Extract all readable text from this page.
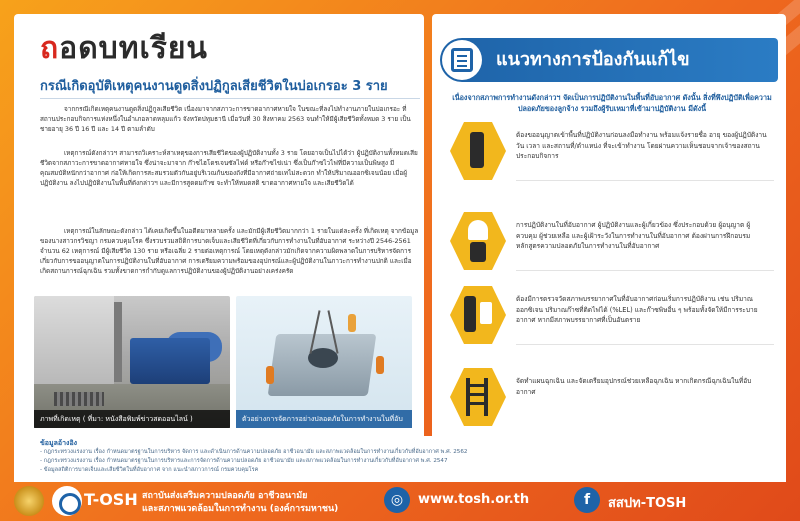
ถอดบทเรียน
กรณีเกิดอุบัติเหตุคนงานดูดสิ่งปฏิกูลเสียชีวิตในบ่อเกรอะ 3 ราย

จากกรณีเกิดเหตุคนงานดูดสิ่งปฏิกูลเสียชีวิต เนื่องมาจากสภาวะการขาดอากาศหายใจ ในขณะที่ลงไปทำงานภายในบ่อเกรอะ ที่สถานประกอบกิจการแห่งหนึ่งในอำเภอลาดหลุมแก้ว จังหวัดปทุมธานี เมื่อวันที่ 30 สิงหาคม 2563 จนทำให้มีผู้เสียชีวิตทั้งหมด 3 ราย เป็นชายอายุ 36 ปี 16 ปี และ 14 ปี ตามลำดับ

เหตุการณ์ดังกล่าวฯ สามารถวิเคราะห์สาเหตุของการเสียชีวิตของผู้ปฏิบัติงานทั้ง 3 ราย โดยอาจเป็นไปได้ว่า ผู้ปฏิบัติงานทั้งหมดเสียชีวิตจากสภาวะการขาดอากาศหายใจ ซึ่งน่าจะมาจาก ก๊าซไฮโดรเจนซัลไฟด์ หรือก๊าซไข่เน่า ซึ่งเป็นก๊าซไวไฟที่มีความเป็นพิษสูง มีคุณสมบัติหนักกว่าอากาศ ก่อให้เกิดการสะสมรวมตัวกันอยู่บริเวณก้นของถังที่มีอากาศถ่ายเทไม่สะดวก ทำให้ปริมาณออกซิเจนน้อย เมื่อผู้ปฏิบัติงาน ลงไปปฏิบัติงานในพื้นที่ดังกล่าวฯ และมีการสูดดมก๊าซ จะทำให้หมดสติ ขาดอากาศหายใจ และเสียชีวิตได้

เหตุการณ์ในลักษณะดังกล่าว ได้เคยเกิดขึ้นในอดีตมาหลายครั้ง และมักมีผู้เสียชีวิตมากกว่า 1 รายในแต่ละครั้ง ที่เกิดเหตุ จากข้อมูลของนางสาวกรวิชญา กรมควบคุมโรค ซึ่งรวบรวมสถิติการบาดเจ็บและเสียชีวิตที่เกี่ยวกับการทำงานในที่อับอากาศ ระหว่างปี 2546-2561 จำนวน 62 เหตุการณ์ มีผู้เสียชีวิต 130 ราย หรือเฉลี่ย 2 รายต่อเหตุการณ์ โดยเหตุดังกล่าวมักเกิดจากความผิดพลาดในการบริหารจัดการเกี่ยวกับการขออนุญาตในการปฏิบัติงานในที่อับอากาศ การเตรียมความพร้อมของอุปกรณ์และผู้ปฏิบัติงานในภาวะการทำงานปกติ และเมื่อเกิดสถานการณ์ฉุกเฉิน รวมทั้งขาดการกำกับดูแลการปฏิบัติงานของผู้ปฏิบัติงานอย่างเคร่งครัด

ภาพที่เกิดเหตุ ( ที่มา: หนังสือพิมพ์ข่าวสดออนไลน์ )	ตัวอย่างการจัดการอย่างปลอดภัยในการทำงานในที่อับ
แนวทางการป้องกันแก้ไข
เนื่องจากสภาพการทำงานดังกล่าวฯ จัดเป็นการปฏิบัติงานในพื้นที่อับอากาศ ดังนั้น สิ่งที่พึงปฏิบัติเพื่อความปลอดภัยของลูกจ้าง รวมถึงผู้รับเหมาที่เข้ามาปฏิบัติงาน มีดังนี้
ต้องขออนุญาตเข้าพื้นที่ปฏิบัติงานก่อนลงมือทำงาน พร้อมแจ้งรายชื่อ อายุ ของผู้ปฏิบัติงาน วัน เวลา และสถานที่/ตำแหน่ง ที่จะเข้าทำงาน โดยผ่านความเห็นชอบจากเจ้าของสถานประกอบกิจการ
การปฏิบัติงานในที่อับอากาศ ผู้ปฏิบัติงานและผู้เกี่ยวข้อง ซึ่งประกอบด้วย ผู้อนุญาต ผู้ควบคุม ผู้ช่วยเหลือ และผู้เฝ้าระวังในการทำงานในที่อับอากาศ ต้องผ่านการฝึกอบรมหลักสูตรความปลอดภัยในการทำงานในที่อับอากาศ
ต้องมีการตรวจวัดสภาพบรรยากาศในที่อับอากาศก่อนเริ่มการปฏิบัติงาน เช่น ปริมาณออกซิเจน ปริมาณก๊าซที่ติดไฟได้ (%LEL) และก๊าซพิษอื่น ๆ พร้อมทั้งจัดให้มีการระบายอากาศ หากมีสภาพบรรยากาศที่เป็นอันตราย
จัดทำแผนฉุกเฉิน และจัดเตรียมอุปกรณ์ช่วยเหลือฉุกเฉิน หากเกิดกรณีฉุกเฉินในที่อับอากาศ
ข้อมูลอ้างอิง
- กฎกระทรวงแรงงาน เรื่อง กำหนดมาตรฐานในการบริหาร จัดการ และดำเนินการด้านความปลอดภัย อาชีวอนามัย และสภาพแวดล้อมในการทำงานเกี่ยวกับที่อับอากาศ พ.ศ. 2562
- กฎกระทรวงแรงงาน เรื่อง กำหนดมาตรฐานในการบริหารและการจัดการด้านความปลอดภัย อาชีวอนามัย และสภาพแวดล้อมในการทำงานเกี่ยวกับที่อับอากาศ พ.ศ. 2547
- ข้อมูลสถิติการบาดเจ็บและเสียชีวิตในที่อับอากาศ จาก แนะนำสภาวการณ์ กรมควบคุมโรค
T-OSH สถาบันส่งเสริมความปลอดภัย อาชีวอนามัย
และสภาพแวดล้อมในการทำงาน (องค์การมหาชน)
◎	www.tosh.or.th	f	สสปท-TOSH
